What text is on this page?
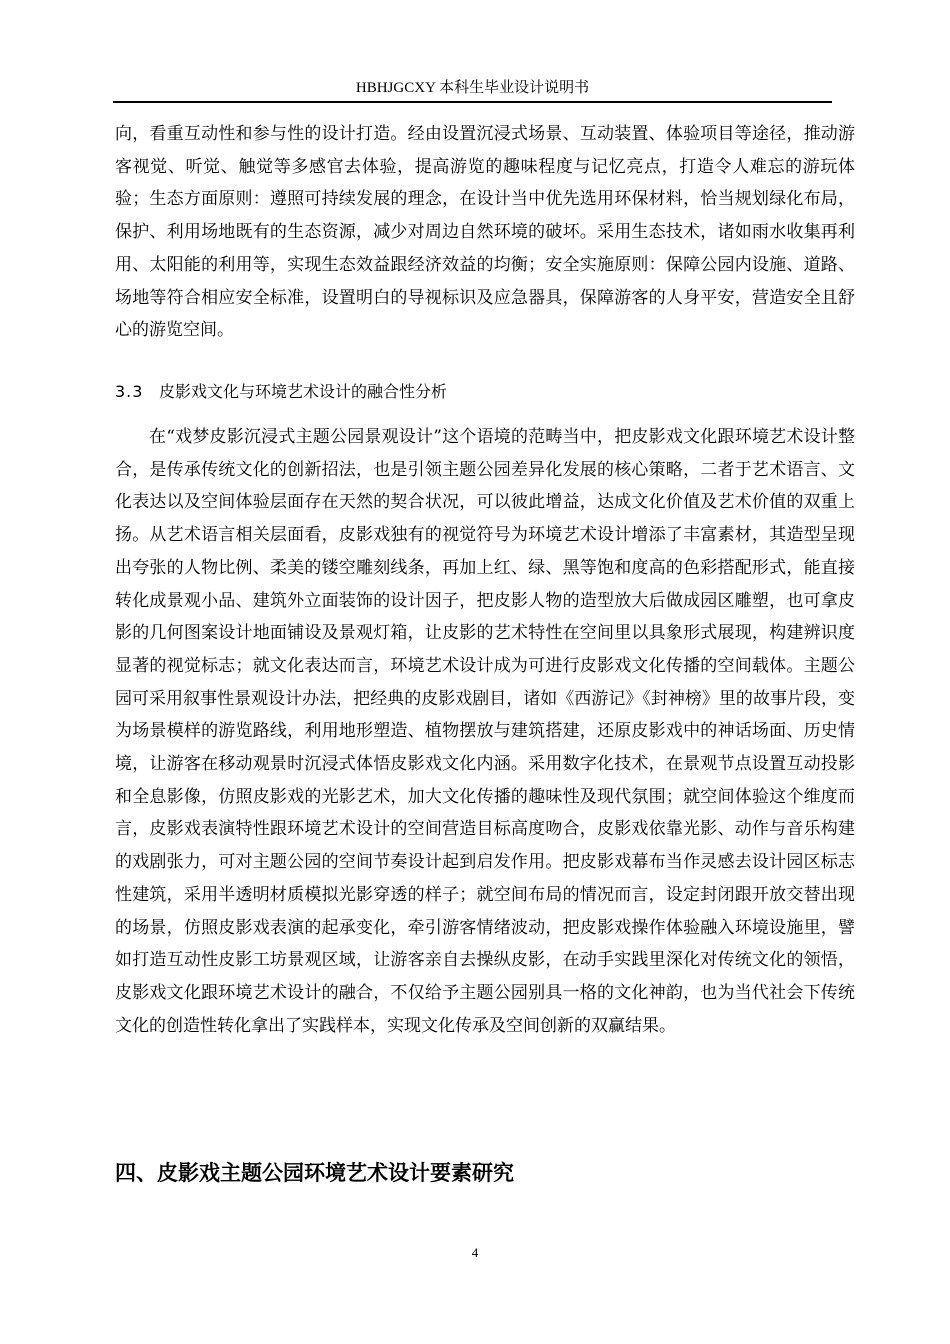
HBHJGCXY 本科生毕业设计说明书

向，看重互动性和参与性的设计打造。经由设置沉浸式场景、互动装置、体验项目等途径，推动游客视觉、听觉、触觉等多感官去体验，提高游览的趣味程度与记忆亮点，打造令人难忘的游玩体验；生态方面原则：遵照可持续发展的理念，在设计当中优先选用环保材料，恰当规划绿化布局，保护、利用场地既有的生态资源，减少对周边自然环境的破坏。采用生态技术，诸如雨水收集再利用、太阳能的利用等，实现生态效益跟经济效益的均衡；安全实施原则：保障公园内设施、道路、场地等符合相应安全标准，设置明白的导视标识及应急器具，保障游客的人身平安，营造安全且舒心的游览空间。

3.3 皮影戏文化与环境艺术设计的融合性分析

在“戏梦皮影沉浸式主题公园景观设计”这个语境的范畴当中，把皮影戏文化跟环境艺术设计整合，是传承传统文化的创新招法，也是引领主题公园差异化发展的核心策略，二者于艺术语言、文化表达以及空间体验层面存在天然的契合状况，可以彼此增益，达成文化价值及艺术价值的双重上扬。从艺术语言相关层面看，皮影戏独有的视觉符号为环境艺术设计增添了丰富素材，其造型呈现出夸张的人物比例、柔美的镂空雕刻线条，再加上红、绿、黑等饱和度高的色彩搭配形式，能直接转化成景观小品、建筑外立面装饰的设计因子，把皮影人物的造型放大后做成园区雕塑，也可拿皮影的几何图案设计地面铺设及景观灯箱，让皮影的艺术特性在空间里以具象形式展现，构建辨识度显著的视觉标志；就文化表达而言，环境艺术设计成为可进行皮影戏文化传播的空间载体。主题公园可采用叙事性景观设计办法，把经典的皮影戏剧目，诸如《西游记》《封神榜》里的故事片段，变为场景模样的游览路线，利用地形塑造、植物摆放与建筑搭建，还原皮影戏中的神话场面、历史情境，让游客在移动观景时沉浸式体悟皮影戏文化内涵。采用数字化技术，在景观节点设置互动投影和全息影像，仿照皮影戏的光影艺术，加大文化传播的趣味性及现代氛围；就空间体验这个维度而言，皮影戏表演特性跟环境艺术设计的空间营造目标高度吻合，皮影戏依靠光影、动作与音乐构建的戏剧张力，可对主题公园的空间节奏设计起到启发作用。把皮影戏幕布当作灵感去设计园区标志性建筑，采用半透明材质模拟光影穿透的样子；就空间布局的情况而言，设定封闭跟开放交替出现的场景，仿照皮影戏表演的起承变化，牵引游客情绪波动，把皮影戏操作体验融入环境设施里，譬如打造互动性皮影工坊景观区域，让游客亲自去操纵皮影，在动手实践里深化对传统文化的领悟，皮影戏文化跟环境艺术设计的融合，不仅给予主题公园别具一格的文化神韵，也为当代社会下传统文化的创造性转化拿出了实践样本，实现文化传承及空间创新的双赢结果。

四、皮影戏主题公园环境艺术设计要素研究
4
